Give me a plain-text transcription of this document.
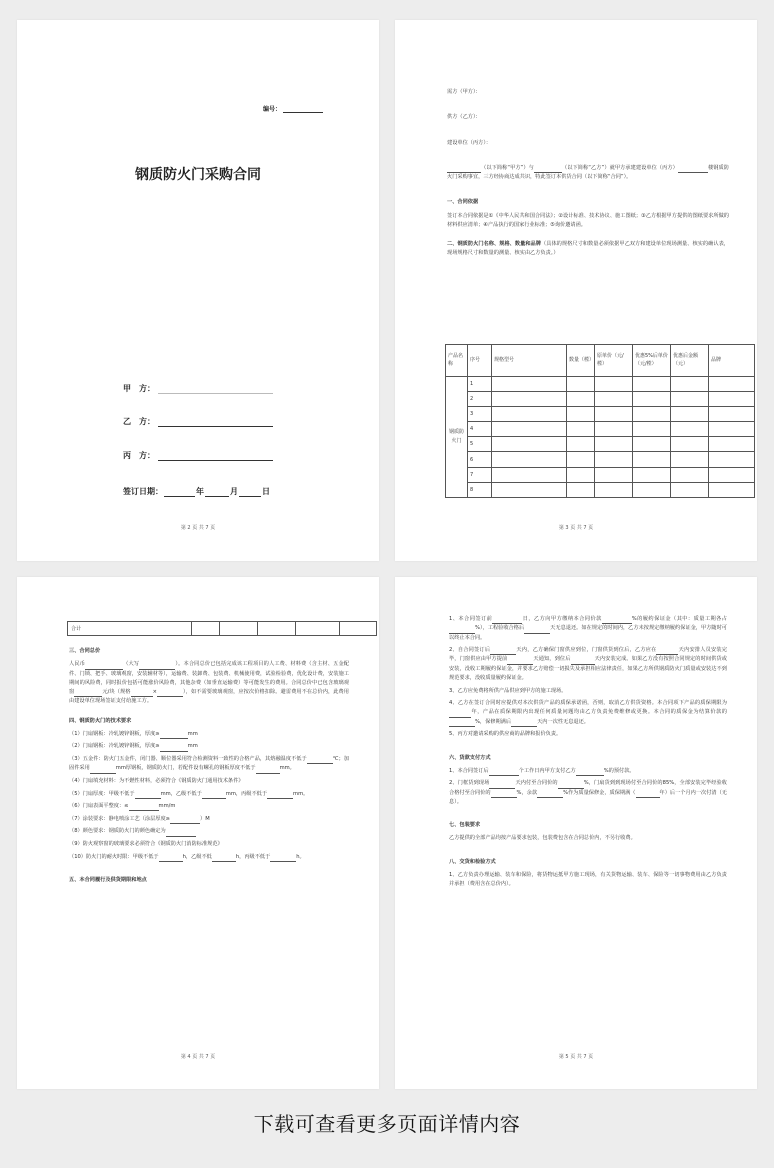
编号：
钢质防火门采购合同
甲　方：
乙　方：
丙　方：
签订日期：	年	月	日
第 2 页 共 7 页
需方（甲方）：
供方（乙方）：
建设单位（丙方）：
（以下简称“甲方”）与	（以下简称“乙方”）就甲方承建建设单位（丙方）	楼钢质防火门采购事宜，三方经协商达成共识，特此签订本供货合同（以下简称“合同”）。
一、合同依据
签订本合同依据是①《中华人民共和国合同法》；②设计标准、技术协议、施工图纸；③乙方根据甲方提供的图纸要求所做的材料供应清单；④产品执行的国家行业标准；⑤询价邀请函。
二、钢质防火门名称、规格、数量和品牌（具体的规格尺寸和数量必须依据甲乙双方和建设单位现场测量、核实的确认表，现场规格尺寸和数量的测量、核实由乙方负责。）
产品名称	序号	规格型号	数量（樘）	原单价（元/樘）	优惠5%后单价（元/樘）	优惠后金额（元）	品牌
钢质防火门	1						
	2						
	3						
	4						
	5						
	6						
	7						
	8						
第 3 页 共 7 页
合计					
三、合同总价
人民币	（大写	）。本合同总价已包括完成该工程项目的人工费、材料费（含主材、五金配件、门锁、把手、玻璃观窗，安装辅材等），运输费、装卸费、包装费、机械使用费，试验检验费，优化设计费，安装施工期间的风险费，同时报价包括可能涨价风险费，其他杂费（如垂直运输费）等可能发生的费用。合同总价中已包含玻璃观窗	元/块（规格	×	），如不需要玻璃观窗，应按次价格扣除。避雷费用不在总价内，此费用由建设单位现场签证支付给施工方。
四、钢质防火门的技术要求
（1）门扇钢板：冷轧镀锌钢板，厚度≥	mm
（2）门扇钢板：冷轧镀锌钢板，厚度≥	mm
（3）五金件：防火门五金件，闭门器、顺位器采用符合检测资料一致性的合格产品，其熔融温度不低于	℃；加固件采用	mm厚钢板，钢质防火门，若配件设有螺孔的钢板厚度不低于	mm。
（4）门扇填充材料：为不燃性材料，必须符合《钢质防火门通用技术条件》
（5）门扇厚度：甲级不低于	mm，乙级不低于	mm，丙级不低于	mm。
（6）门扇表面平整度：≤	mm/m
（7）涂装要求：静电喷涂工艺（涂层厚度≥	）M
（8）颜色要求：钢质防火门的颜色确定为
（9）防火观察窗的玻璃要求必须符合《钢质防火门消防标准规范》
（10）防火门的耐火时限：甲级不低于	h，乙级不低	h，丙级不低于	h。
五、本合同履行及供货期限和地点
第 4 页 共 7 页
1、本合同签订前	日，乙方向甲方缴纳本合同价款	%的履约保证金（其中：质量工期各占%），工程验收合格后	天无息退还。如在规定的时间内，乙方未按规定缴纳履约保证金，甲方随时可以终止本合同。
2、自合同签订后	天内，乙方确保门窗供应到位，门窗供货到位后，乙方应在	天内安排人员安装完毕，门窗供应由甲方提前	天通知，到位后	天内安装完成。如果乙方没有按照合同规定的时间供货或安装，没收工期履约保证金，并要求乙方赔偿一切损失及承担相应法律责任，如果乙方所供钢质防火门质量或安装达不到规范要求，没收质量履约保证金。
3、乙方应免费将所供产品供应到甲方的施工现场。
4、乙方在签订合同时应提供对本次供货产品的质保承诺函，否则，取消乙方供货资格。本合同项下产品的质保期限为年，产品在质保期限内出现任何质量问题均由乙方负责免费维修或更换。本合同的质保金为结算价款的%，保修期满后	天内一次性无息退还。
5、丙方对邀请采购的供应商的品牌和报价负责。
六、货款支付方式
1、本合同签订后	个工作日内甲方支付乙方	%的预付款。
2、门框货到现场	天内付至合同价的	%，门扇货到到现场付至合同价的85%，全部安装完毕经验收合格付至合同价的	%，余款	%作为质量保修金，质保期满（	年）后一个月内一次付清（无息）。
七、包装要求
乙方提供的全部产品均按产品要求包装，包装费包含在合同总价内，不另行收费。
八、交货和检验方式
1、乙方负责办理运输、装车和保险，将货物运抵甲方施工现场，有关货物运输、装车、保险等一切事物费用由乙方负责并承担（费用含在总价内）。
第 5 页 共 7 页
下载可查看更多页面详情内容
